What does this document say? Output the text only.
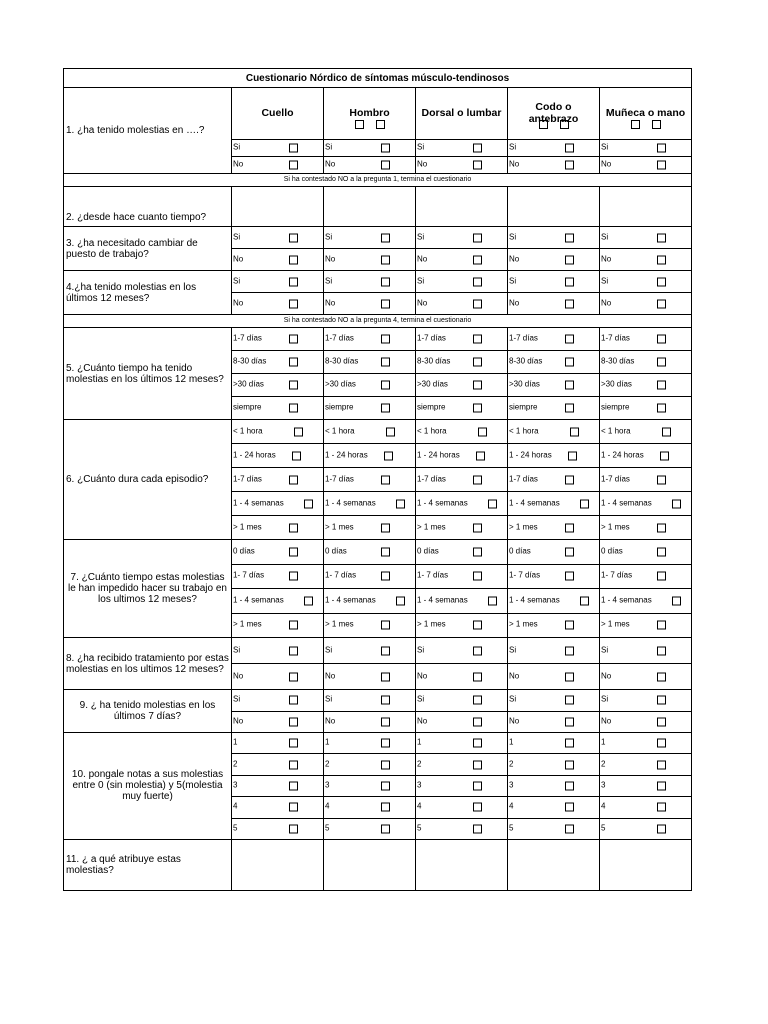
Cuestionario Nórdico de síntomas músculo-tendinosos					
1. ¿ha tenido molestias en ….?	Cuello	Hombro	Dorsal o lumbar	Codo o antebrazo	Muñeca o mano

	Si	Si	Si	Si	Si

	No	No	No	No	No

Si ha contestado NO a la pregunta 1, termina el cuestionario					
2. ¿desde hace cuanto tiempo?					
3. ¿ha necesitado cambiar de puesto de trabajo?	Si	Si	Si	Si	Si

	No	No	No	No	No

4.¿ha tenido molestias en los últimos 12 meses?	Si	Si	Si	Si	Si

	No	No	No	No	No

Si ha contestado NO a la pregunta 4, termina el cuestionario					
5. ¿Cuánto tiempo ha tenido molestias en los últimos 12 meses?	1-7 días	1-7 días	1-7 días	1-7 días	1-7 días

	8-30 días	8-30 días	8-30 días	8-30 días	8-30 días

	>30 días	>30 días	>30 días	>30 días	>30 días

	siempre	siempre	siempre	siempre	siempre

6. ¿Cuánto dura cada episodio?	< 1 hora	< 1 hora	< 1 hora	< 1 hora	< 1 hora

	1 - 24 horas	1 - 24 horas	1 - 24 horas	1 - 24 horas	1 - 24 horas

	1-7 días	1-7 días	1-7 días	1-7 días	1-7 días

	1 - 4 semanas	1 - 4 semanas	1 - 4 semanas	1 - 4 semanas	1 - 4 semanas

	> 1 mes	> 1 mes	> 1 mes	> 1 mes	> 1 mes

7. ¿Cuánto tiempo estas molestias le han impedido hacer su trabajo en los ultimos 12 meses?	0 días	0 días	0 días	0 días	0 días

	1- 7 días	1- 7 días	1- 7 días	1- 7 días	1- 7 días

	1 - 4 semanas	1 - 4 semanas	1 - 4 semanas	1 - 4 semanas	1 - 4 semanas

	> 1 mes	> 1 mes	> 1 mes	> 1 mes	> 1 mes

8. ¿ha recibido tratamiento por estas molestias en los ultimos 12 meses?	Si	Si	Si	Si	Si

	No	No	No	No	No

9. ¿ ha tenido molestias en los últimos 7 días?	Si	Si	Si	Si	Si

	No	No	No	No	No

10. pongale notas a sus molestias entre 0 (sin molestia) y 5(molestia muy fuerte)	1	1	1	1	1

	2	2	2	2	2

	3	3	3	3	3

	4	4	4	4	4

	5	5	5	5	5

11. ¿ a qué atribuye estas molestias?					
